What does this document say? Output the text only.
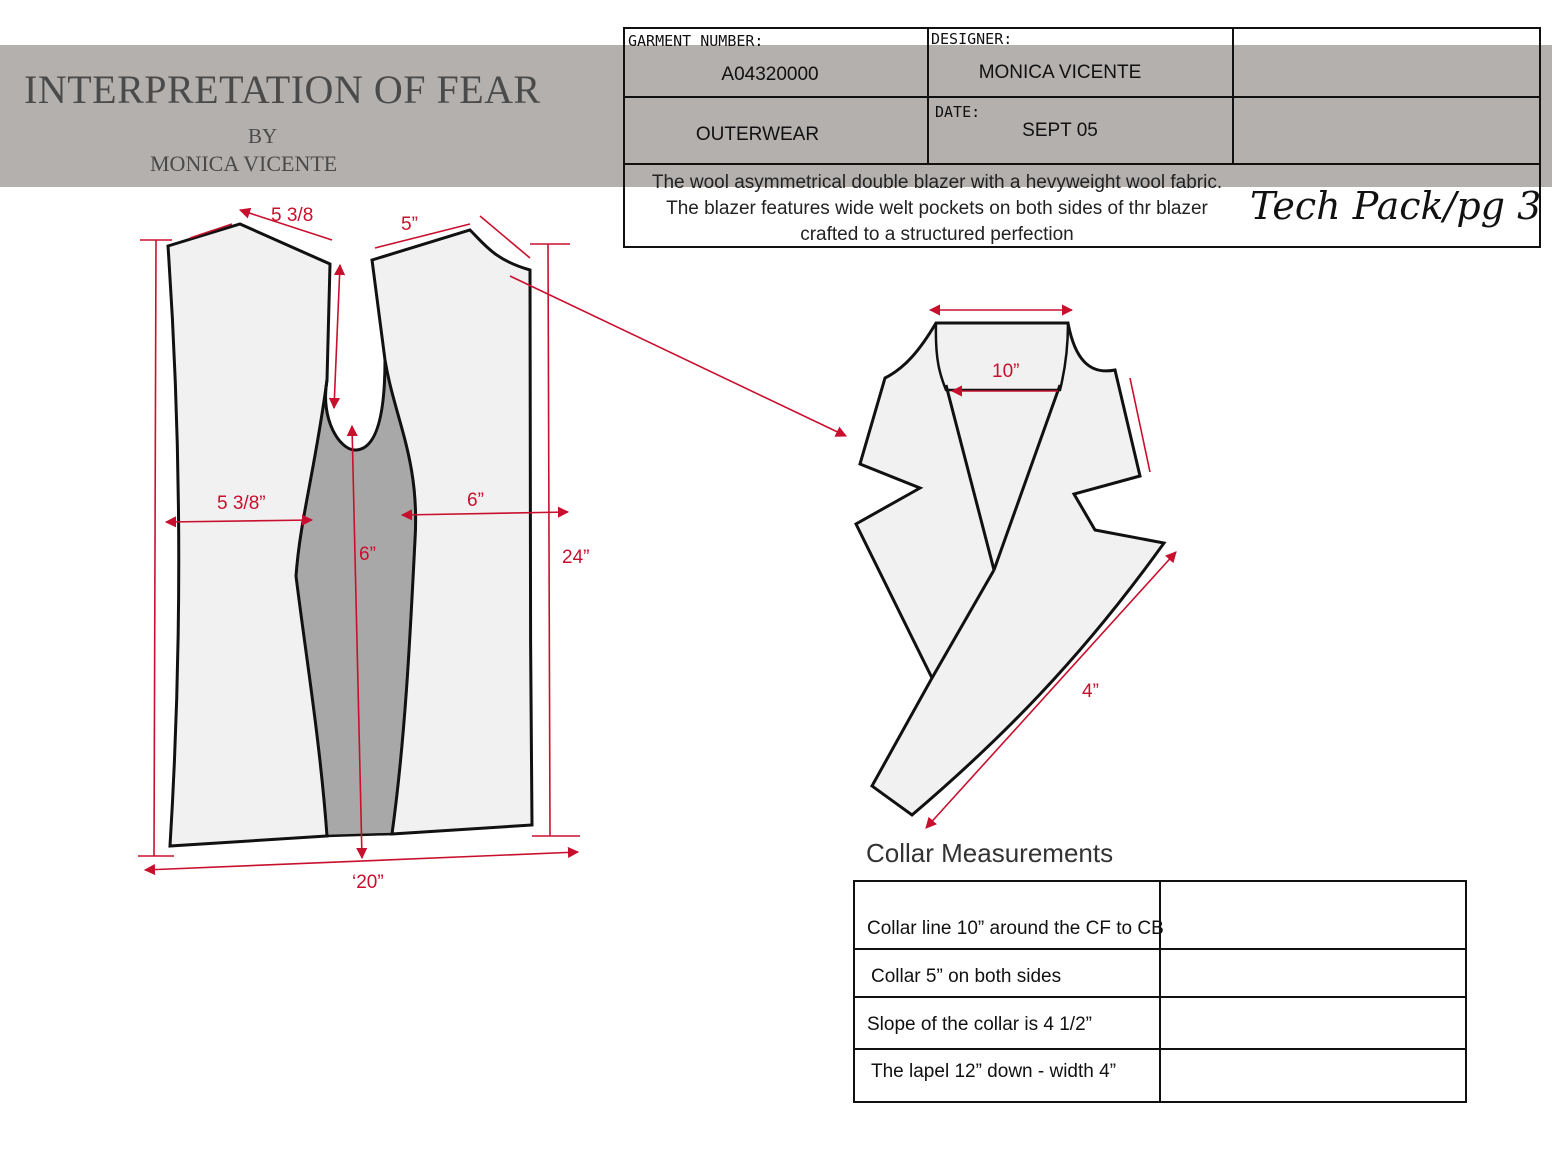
INTERPRETATION OF FEAR
BY
MONICA VICENTE
5 3/8	5”
5 3/8”	6”
6”	24”
‘20”
10”
4”
GARMENT NUMBER:
A04320000
DESIGNER:
MONICA VICENTE
OUTERWEAR
DATE:
SEPT 05
The wool asymmetrical double blazer with a hevyweight wool fabric.
The blazer features wide welt pockets on both sides of thr blazer
crafted to a structured perfection
Tech Pack/pg 3
Collar Measurements
Collar line 10” around the CF to CB
Collar 5” on both sides
Slope of the collar is 4 1/2”
The lapel 12” down - width 4”
